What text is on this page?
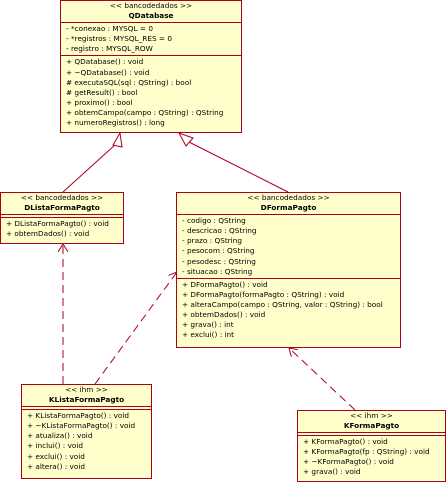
<< bancodedados >>
QDatabase
- *conexao : MYSQL = 0
- *registros : MYSQL_RES = 0
- registro : MYSQL_ROW
+ QDatabase() : void
+ ~QDatabase() : void
# executaSQL(sql : QString) : bool
# getResult() : bool
+ proximo() : bool
+ obtemCampo(campo : QString) : QString
+ numeroRegistros() : long
<< bancodedados >>
DListaFormaPagto
+ DListaFormaPagto() : void
+ obtemDados() : void
<< bancodedados >>
DFormaPagto
- codigo : QString
- descricao : QString
- prazo : QString
- pesocom : QString
- pesodesc : QString
- situacao : QString
+ DFormaPagto() : void
+ DFormaPagto(formaPagto : QString) : void
+ alteraCampo(campo : QString, valor : QString) : bool
+ obtemDados() : void
+ grava() : int
+ exclui() : int
<< ihm >>
KListaFormaPagto
+ KListaFormaPagto() : void
+ ~KListaFormaPagto() : void
+ atualiza() : void
+ inclui() : void
+ exclui() : void
+ altera() : void
<< ihm >>
KFormaPagto
+ KFormaPagto() : void
+ KFormaPagto(fp : QString) : void
+ ~KFormaPagto() : void
+ grava() : void
